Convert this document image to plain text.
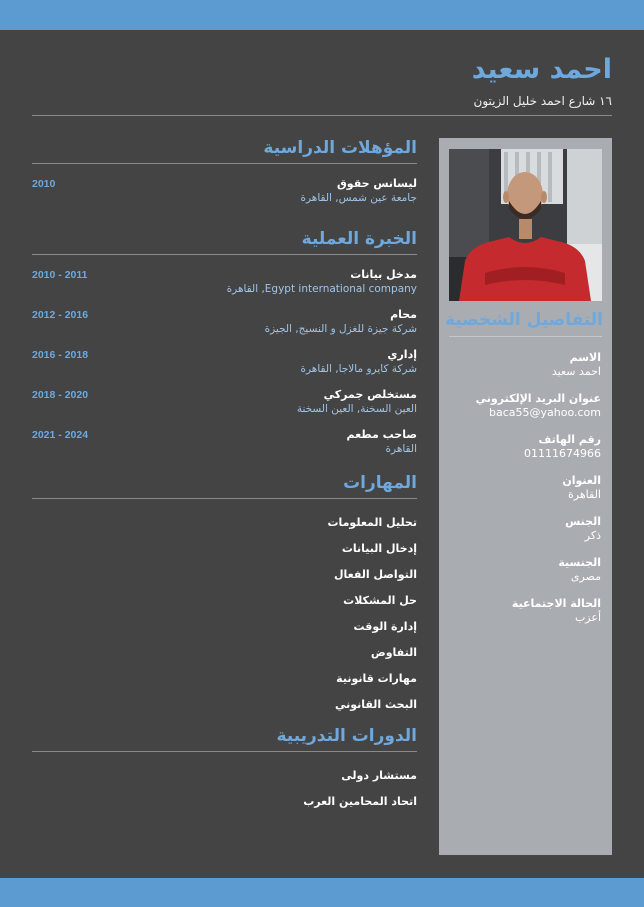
احمد سعيد
١٦ شارع احمد خليل الزيتون
المؤهلات الدراسية
ليسانس حقوق
جامعة عين شمس, القاهرة
2010
الخبرة العملية
مدخل بيانات
Egypt international company, القاهرة
2010 - 2011
محام
شركة جيزة للغزل و النسيج, الجيزة
2012 - 2016
إداري
شركة كايرو مالاجا, القاهرة
2016 - 2018
مستخلص جمركي
العين السخنة, العين السخنة
2018 - 2020
صاحب مطعم
القاهرة
2021 - 2024
المهارات
تحليل المعلومات
إدخال البيانات
التواصل الفعال
حل المشكلات
إدارة الوقت
التفاوض
مهارات قانونية
البحث القانوني
الدورات التدريبية
مستشار دولى
اتحاد المحامين العرب
التفاصيل الشخصية
الاسم
احمد سعيد
عنوان البريد الإلكتروني
baca55@yahoo.com
رقم الهاتف
01111674966
العنوان
القاهرة
الجنس
ذكر
الجنسية
مصرى
الحالة الاجتماعية
أعزب
